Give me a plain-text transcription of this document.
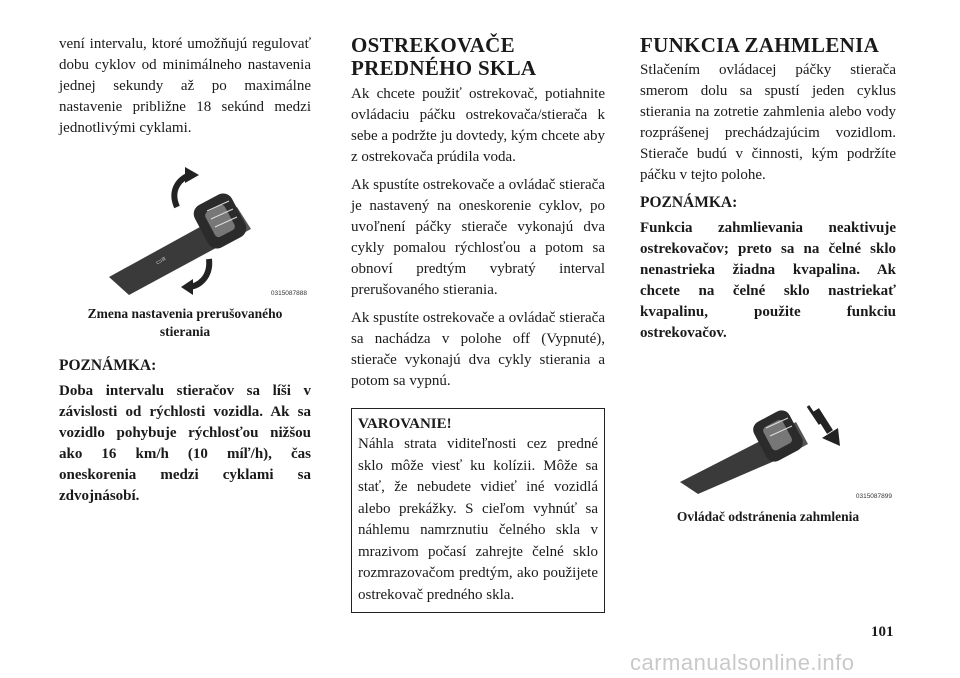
vení intervalu, ktoré umožňujú regulovať dobu cyklov od minimálneho nastavenia jednej sekundy až po maximálne nastavenie približne 18 sekúnd medzi jednotlivými cyklami.

▭≡
0315087888
Zmena nastavenia prerušovaného stierania
POZNÁMKA:

Doba intervalu stieračov sa líši v závislosti od rýchlosti vozidla. Ak sa vozidlo pohybuje rýchlosťou nižšou ako 16 km/h (10 míľ/h), čas oneskorenia medzi cyklami sa zdvojnásobí.

OSTREKOVAČE PREDNÉHO SKLA

Ak chcete použiť ostrekovač, potiahnite ovládaciu páčku ostrekovača/stierača k sebe a podržte ju dovtedy, kým chcete aby z ostrekovača prúdila voda.

Ak spustíte ostrekovače a ovládač stierača je nastavený na oneskorenie cyklov, po uvoľnení páčky stierače vykonajú dva cykly pomalou rýchlosťou a potom sa obnoví predtým vybratý interval prerušovaného stierania.

Ak spustíte ostrekovače a ovládač stierača sa nachádza v polohe off (Vypnuté), stierače vykonajú dva cykly stierania a potom sa vypnú.

VAROVANIE!

Náhla strata viditeľnosti cez predné sklo môže viesť ku kolízii. Môže sa stať, že nebudete vidieť iné vozidlá alebo prekážky. S cieľom vyhnúť sa náhlemu namrznutiu čelného skla v mrazivom počasí zahrejte čelné sklo rozmrazovačom predtým, ako použijete ostrekovač predného skla.

FUNKCIA ZAHMLENIA

Stlačením ovládacej páčky stierača smerom dolu sa spustí jeden cyklus stierania na zotretie zahmlenia alebo vody rozprášenej prechádzajúcim vozidlom. Stierače budú v činnosti, kým podržíte páčku v tejto polohe.

POZNÁMKA:

Funkcia zahmlievania neaktivuje ostrekovačov; preto sa na čelné sklo nenastrieka žiadna kvapalina. Ak chcete na čelné sklo nastriekať kvapalinu, použite funkciu ostrekovačov.

0315087899
Ovládač odstránenia zahmlenia
101
carmanualsonline.info
